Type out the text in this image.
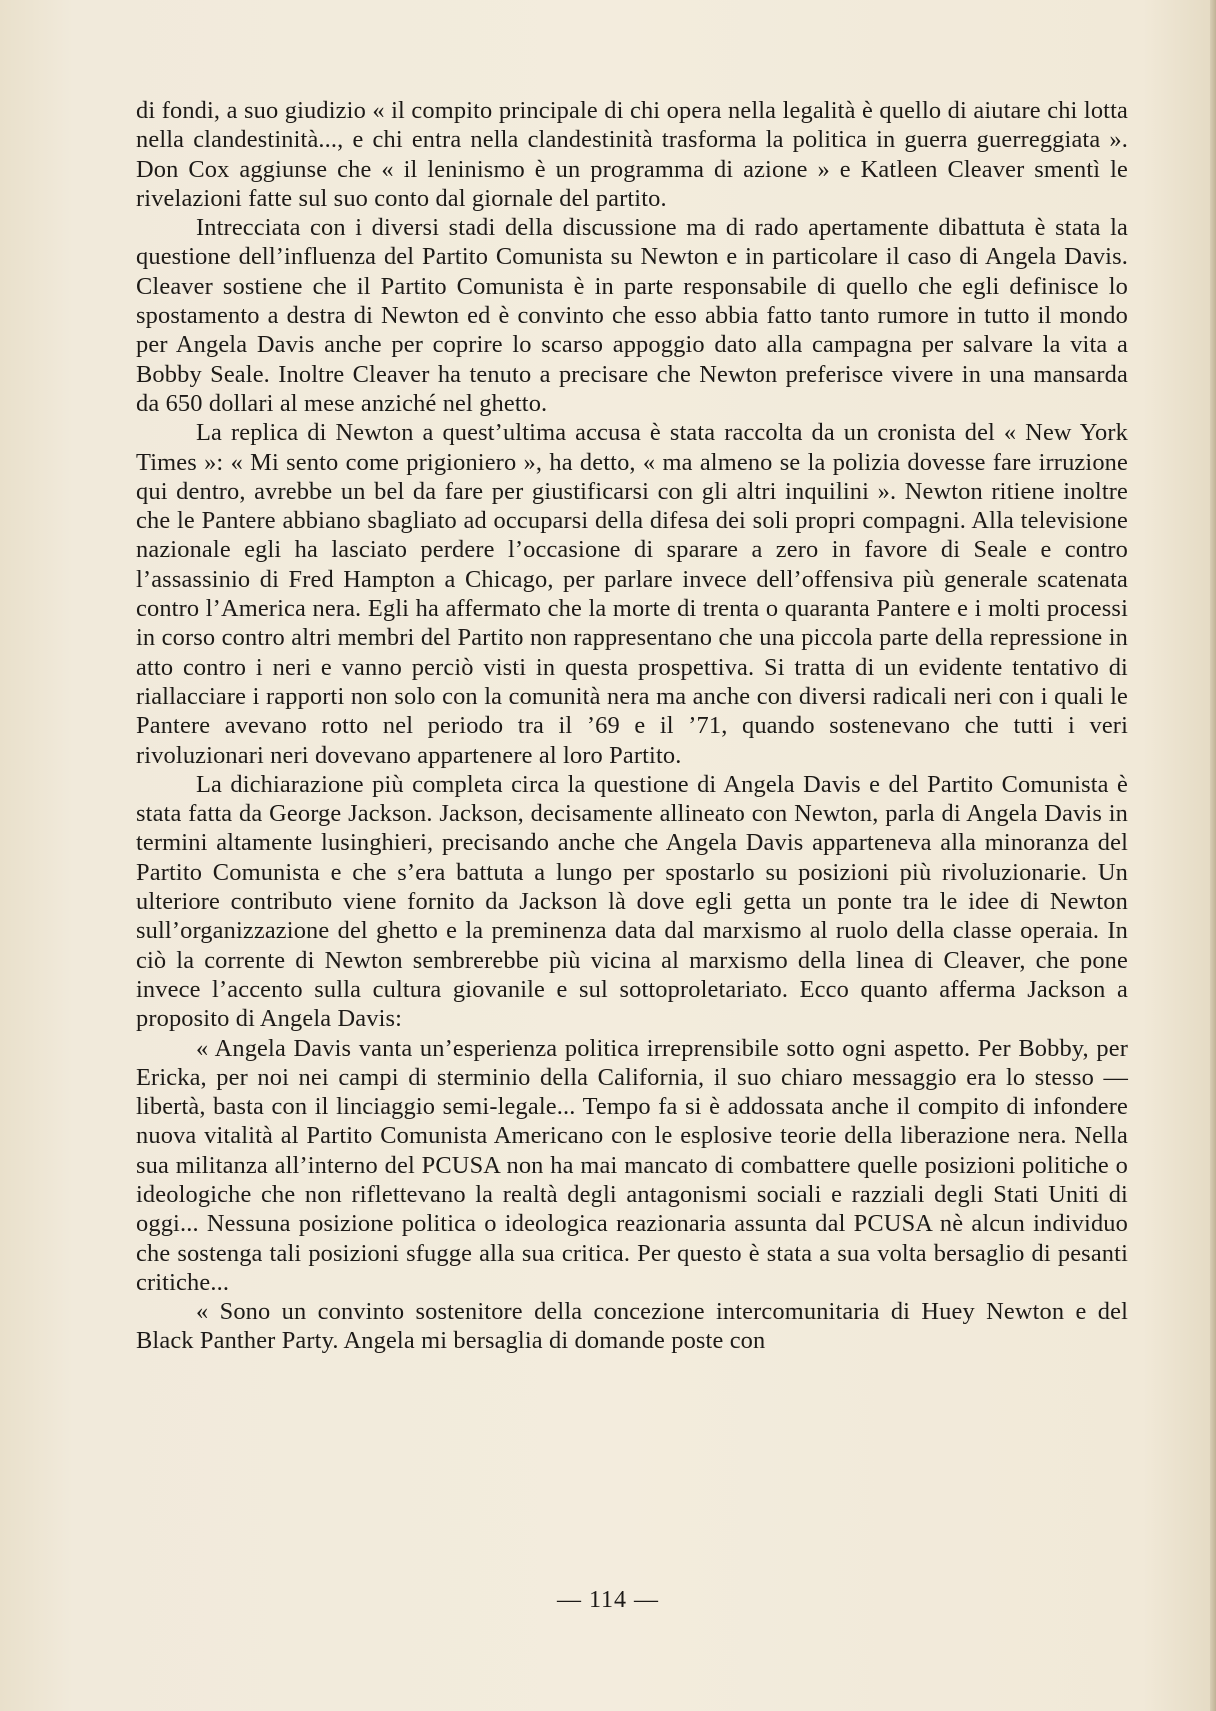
di fondi, a suo giudizio « il compito principale di chi opera nella legalità è quello di aiutare chi lotta nella clandestinità..., e chi entra nella clandestinità trasforma la politica in guerra guerreggiata ». Don Cox aggiunse che « il leninismo è un programma di azione » e Katleen Cleaver smentì le rivelazioni fatte sul suo conto dal giornale del partito.

Intrecciata con i diversi stadi della discussione ma di rado apertamente dibattuta è stata la questione dell’influenza del Partito Comunista su Newton e in particolare il caso di Angela Davis. Cleaver sostiene che il Partito Comunista è in parte responsabile di quello che egli definisce lo spostamento a destra di Newton ed è convinto che esso abbia fatto tanto rumore in tutto il mondo per Angela Davis anche per coprire lo scarso appoggio dato alla campagna per salvare la vita a Bobby Seale. Inoltre Cleaver ha tenuto a precisare che Newton preferisce vivere in una mansarda da 650 dollari al mese anziché nel ghetto.

La replica di Newton a quest’ultima accusa è stata raccolta da un cronista del « New York Times »: « Mi sento come prigioniero », ha detto, « ma almeno se la polizia dovesse fare irruzione qui dentro, avrebbe un bel da fare per giustificarsi con gli altri inquilini ». Newton ritiene inoltre che le Pantere abbiano sbagliato ad occuparsi della difesa dei soli propri compagni. Alla televisione nazionale egli ha lasciato perdere l’occasione di sparare a zero in favore di Seale e contro l’assassinio di Fred Hampton a Chicago, per parlare invece dell’offensiva più generale scatenata contro l’America nera. Egli ha affermato che la morte di trenta o quaranta Pantere e i molti processi in corso contro altri membri del Partito non rappresentano che una piccola parte della repressione in atto contro i neri e vanno perciò visti in questa prospettiva. Si tratta di un evidente tentativo di riallacciare i rapporti non solo con la comunità nera ma anche con diversi radicali neri con i quali le Pantere avevano rotto nel periodo tra il ’69 e il ’71, quando sostenevano che tutti i veri rivoluzionari neri dovevano appartenere al loro Partito.

La dichiarazione più completa circa la questione di Angela Davis e del Partito Comunista è stata fatta da George Jackson. Jackson, decisamente allineato con Newton, parla di Angela Davis in termini altamente lusinghieri, precisando anche che Angela Davis apparteneva alla minoranza del Partito Comunista e che s’era battuta a lungo per spostarlo su posizioni più rivoluzionarie. Un ulteriore contributo viene fornito da Jackson là dove egli getta un ponte tra le idee di Newton sull’organizzazione del ghetto e la preminenza data dal marxismo al ruolo della classe operaia. In ciò la corrente di Newton sembrerebbe più vicina al marxismo della linea di Cleaver, che pone invece l’accento sulla cultura giovanile e sul sottoproletariato. Ecco quanto afferma Jackson a proposito di Angela Davis:

« Angela Davis vanta un’esperienza politica irreprensibile sotto ogni aspetto. Per Bobby, per Ericka, per noi nei campi di sterminio della California, il suo chiaro messaggio era lo stesso — libertà, basta con il linciaggio semi-legale... Tempo fa si è addossata anche il compito di infondere nuova vitalità al Partito Comunista Americano con le esplosive teorie della liberazione nera. Nella sua militanza all’interno del PCUSA non ha mai mancato di combattere quelle posizioni politiche o ideologiche che non riflettevano la realtà degli antagonismi sociali e razziali degli Stati Uniti di oggi... Nessuna posizione politica o ideologica reazionaria assunta dal PCUSA nè alcun individuo che sostenga tali posizioni sfugge alla sua critica. Per questo è stata a sua volta bersaglio di pesanti critiche...

« Sono un convinto sostenitore della concezione intercomunitaria di Huey Newton e del Black Panther Party. Angela mi bersaglia di domande poste con

— 114 —
